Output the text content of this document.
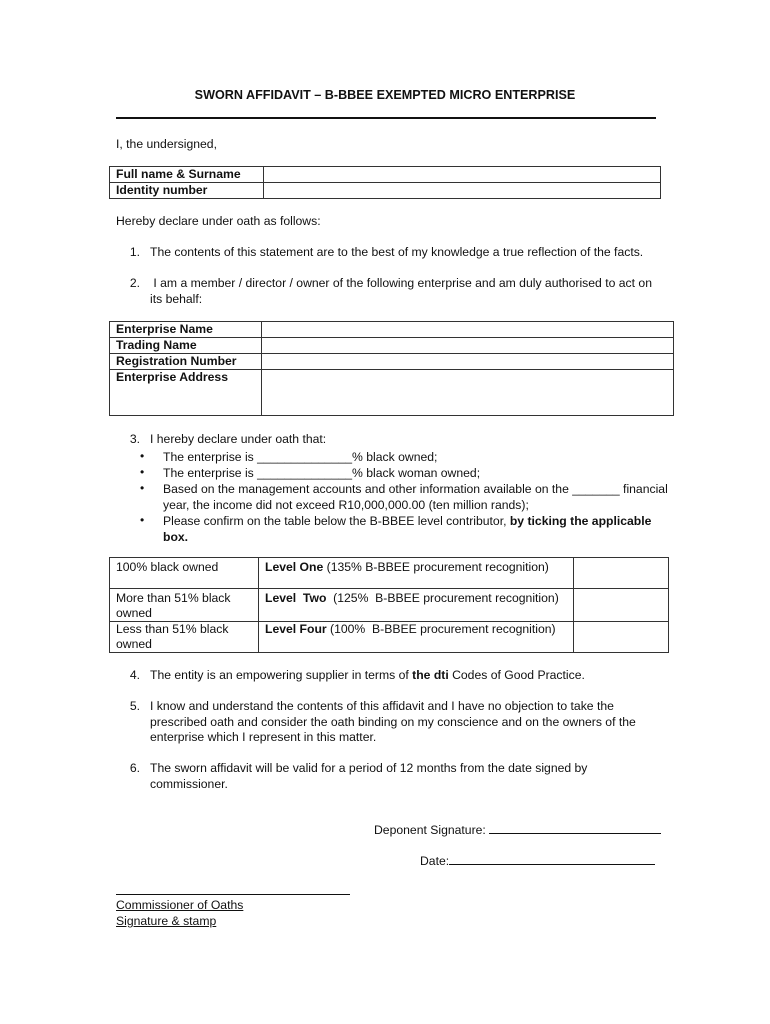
SWORN AFFIDAVIT – B-BBEE EXEMPTED MICRO ENTERPRISE
I, the undersigned,
Full name & Surname	
Identity number	
Hereby declare under oath as follows:
1. The contents of this statement are to the best of my knowledge a true reflection of the facts.
2. I am a member / director / owner of the following enterprise and am duly authorised to act on
its behalf:
Enterprise Name	
Trading Name	
Registration Number	
Enterprise Address	
3. I hereby declare under oath that:
• The enterprise is ______________% black owned;
• The enterprise is ______________% black woman owned;
• Based on the management accounts and other information available on the _______ financial
year, the income did not exceed R10,000,000.00 (ten million rands);
• Please confirm on the table below the B-BBEE level contributor, by ticking the applicable
box.
100% black owned	Level One (135% B-BBEE procurement recognition)	

More than 51% black
owned	Level  Two  (125%  B-BBEE procurement recognition)	

Less than 51% black
owned	Level Four (100%  B-BBEE procurement recognition)	
4. The entity is an empowering supplier in terms of the dti Codes of Good Practice.
5. I know and understand the contents of this affidavit and I have no objection to take the
prescribed oath and consider the oath binding on my conscience and on the owners of the
enterprise which I represent in this matter.
6. The sworn affidavit will be valid for a period of 12 months from the date signed by
commissioner.
Deponent Signature:
Date:
Commissioner of Oaths
Signature & stamp
